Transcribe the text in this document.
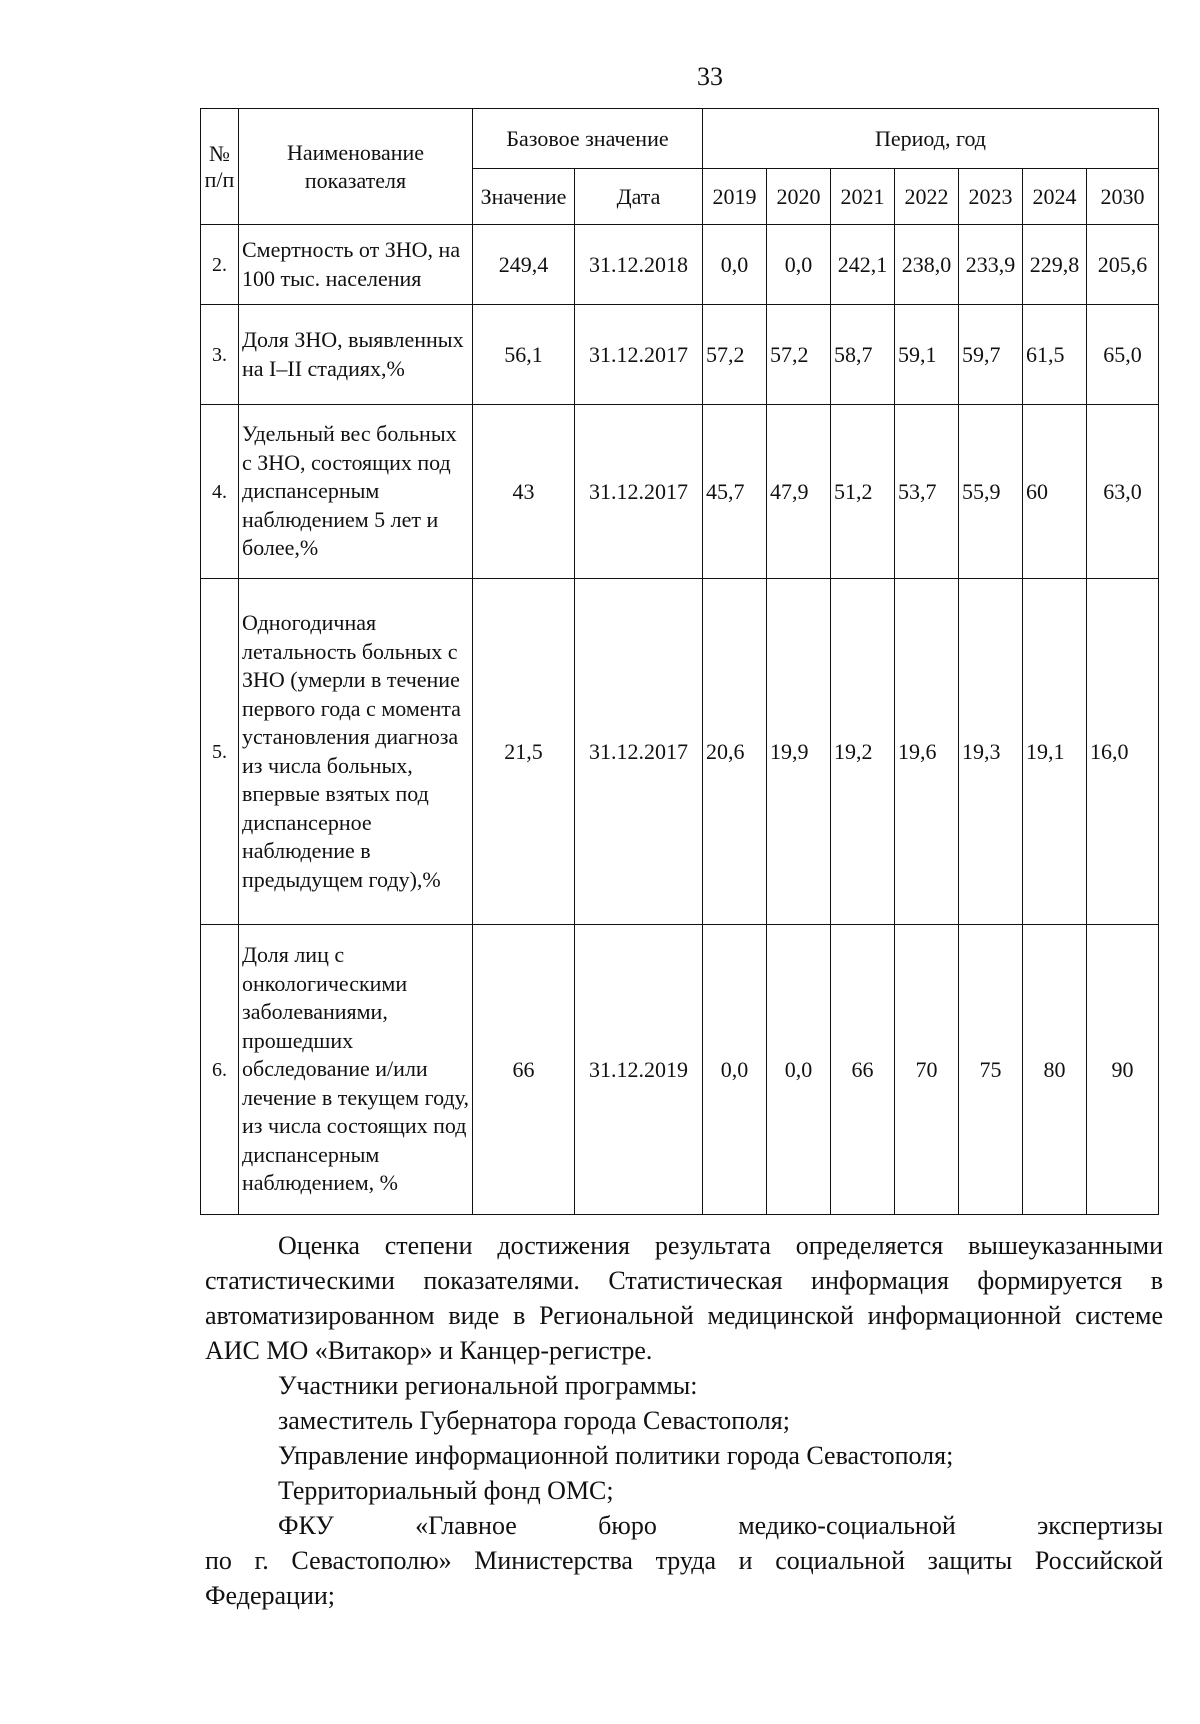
33
№ п/п	Наименование показателя	Базовое значение		Период, год						
		Значение	Дата	2019	2020	2021	2022	2023	2024	2030
2.	Смертность от ЗНО, на 100 тыс. населения	249,4	31.12.2018	0,0	0,0	242,1	238,0	233,9	229,8	205,6
3.	Доля ЗНО, выявленных на I–II стадиях,%	56,1	31.12.2017	57,2	57,2	58,7	59,1	59,7	61,5	65,0
4.	Удельный вес больных с ЗНО, состоящих под диспансерным наблюдением 5 лет и более,%	43	31.12.2017	45,7	47,9	51,2	53,7	55,9	60	63,0
5.	Одногодичная летальность больных с ЗНО (умерли в течение первого года с момента установления диагноза из числа больных, впервые взятых под диспансерное наблюдение в предыдущем году),%	21,5	31.12.2017	20,6	19,9	19,2	19,6	19,3	19,1	16,0
6.	Доля лиц с онкологическими заболеваниями, прошедших обследование и/или лечение в текущем году, из числа состоящих под диспансерным наблюдением, %	66	31.12.2019	0,0	0,0	66	70	75	80	90

Оценка степени достижения результата определяется вышеуказанными статистическими показателями. Статистическая информация формируется в автоматизированном виде в Региональной медицинской информационной системе АИС МО «Витакор» и Канцер-регистре.

Участники региональной программы:

заместитель Губернатора города Севастополя;

Управление информационной политики города Севастополя;

Территориальный фонд ОМС;

ФКУ	«Главное	бюро	медико-социальной	экспертизы

по г. Севастополю» Министерства труда и социальной защиты Российской Федерации;
